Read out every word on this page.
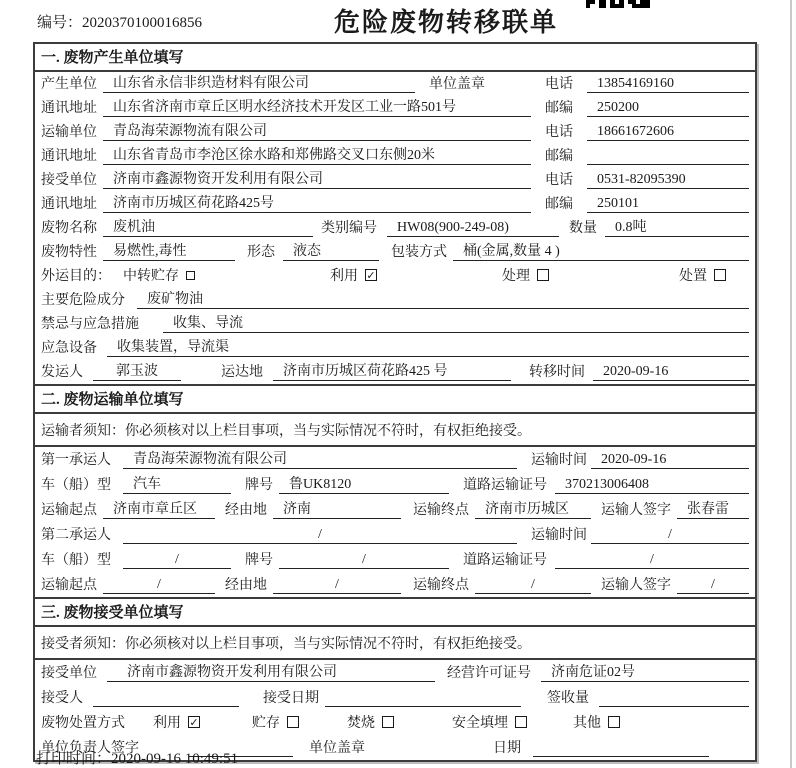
编号：2020370100016856	危险废物转移联单
一. 废物产生单位填写
产生单位	山东省永信非织造材料有限公司	单位盖章	电话	13854169160
通讯地址	山东省济南市章丘区明水经济技术开发区工业一路501号	邮编	250200
运输单位	青岛海荣源物流有限公司	电话	18661672606
通讯地址	山东省青岛市李沧区徐水路和郑佛路交叉口东侧20米	邮编
接受单位	济南市鑫源物资开发利用有限公司	电话	0531-82095390
通讯地址	济南市历城区荷花路425号	邮编	250101
废物名称	废机油	类别编号	HW08(900-249-08)	数量	0.8吨
废物特性	易燃性,毒性	形态	液态	包装方式	桶(金属,数量 4 )
外运目的： 中转贮存	利用 ✓	处理	处置
主要危险成分	废矿物油
禁忌与应急措施	收集、导流
应急设备	收集装置，导流渠
发运人	郭玉波	运达地	济南市历城区荷花路425 号	转移时间	2020-09-16
二. 废物运输单位填写
运输者须知：你必须核对以上栏目事项，当与实际情况不符时，有权拒绝接受。
第一承运人	青岛海荣源物流有限公司	运输时间	2020-09-16
车（船）型	汽车	牌号	鲁UK8120	道路运输证号	370213006408
运输起点	济南市章丘区	经由地	济南	运输终点	济南市历城区	运输人签字	张春雷
第二承运人	/	运输时间	/
车（船）型	/	牌号	/	道路运输证号	/
运输起点	/	经由地	/	运输终点	/	运输人签字	/
三. 废物接受单位填写
接受者须知：你必须核对以上栏目事项，当与实际情况不符时，有权拒绝接受。
接受单位	济南市鑫源物资开发利用有限公司	经营许可证号	济南危证02号
接受人	接受日期	签收量
废物处置方式 利用 ✓	贮存	焚烧	安全填埋	其他
单位负责人签字	单位盖章	日期
打印时间：2020-09-16 10:49:51
